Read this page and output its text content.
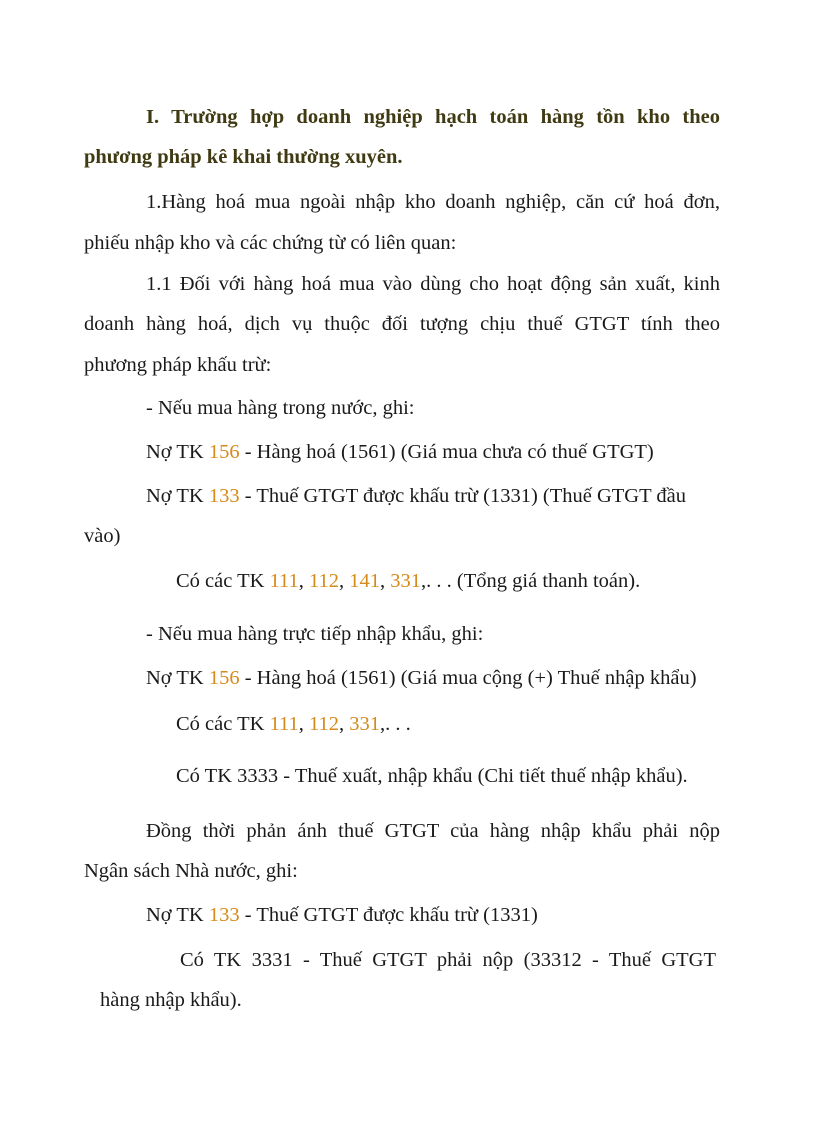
I. Trường hợp doanh nghiệp hạch toán hàng tồn kho theo
phương pháp kê khai thường xuyên.
1.Hàng hoá mua ngoài nhập kho doanh nghiệp, căn cứ hoá đơn,
phiếu nhập kho và các chứng từ có liên quan:
1.1 Đối với hàng hoá mua vào dùng cho hoạt động sản xuất, kinh
doanh hàng hoá, dịch vụ thuộc đối tượng chịu thuế GTGT tính theo
phương pháp khấu trừ:
- Nếu mua hàng trong nước, ghi:
Nợ TK 156 - Hàng hoá (1561) (Giá mua chưa có thuế GTGT)
Nợ TK 133 - Thuế GTGT được khấu trừ (1331) (Thuế GTGT đầu
vào)
Có các TK 111, 112, 141, 331,. . . (Tổng giá thanh toán).
- Nếu mua hàng trực tiếp nhập khẩu, ghi:
Nợ TK 156 - Hàng hoá (1561) (Giá mua cộng (+) Thuế nhập khẩu)
Có các TK 111, 112, 331,. . .
Có TK 3333 - Thuế xuất, nhập khẩu (Chi tiết thuế nhập khẩu).
Đồng thời phản ánh thuế GTGT của hàng nhập khẩu phải nộp
Ngân sách Nhà nước, ghi:
Nợ TK 133 - Thuế GTGT được khấu trừ (1331)
Có TK 3331 - Thuế GTGT phải nộp (33312 - Thuế GTGT
hàng nhập khẩu).
